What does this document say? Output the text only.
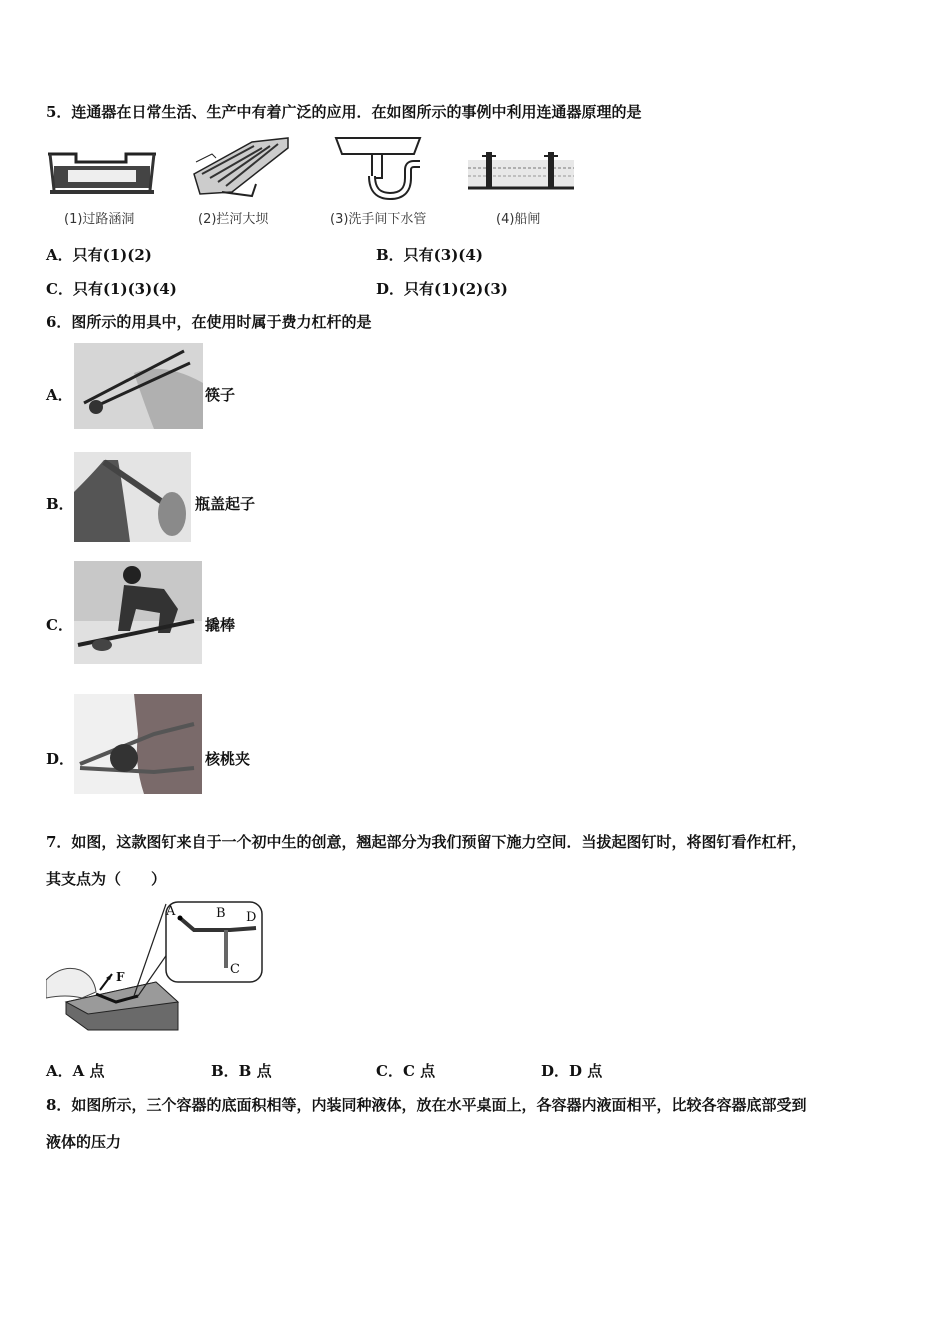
5．连通器在日常生活、生产中有着广泛的应用．在如图所示的事例中利用连通器原理的是
(1)过路涵洞	(2)拦河大坝	(3)洗手间下水管	(4)船闸
A．只有(1)(2)	B．只有(3)(4)
C．只有(1)(3)(4)	D．只有(1)(2)(3)
6．图所示的用具中，在使用时属于费力杠杆的是
A．	筷子
B．	瓶盖起子
C．	撬棒
D．	核桃夹
7．如图，这款图钉来自于一个初中生的创意，翘起部分为我们预留下施力空间．当拔起图钉时，将图钉看作杠杆，
其支点为（　　）
A	B D
C
F
A．A 点	B．B 点	C．C 点	D．D 点
8．如图所示，三个容器的底面积相等，内装同种液体，放在水平桌面上，各容器内液面相平，比较各容器底部受到
液体的压力
